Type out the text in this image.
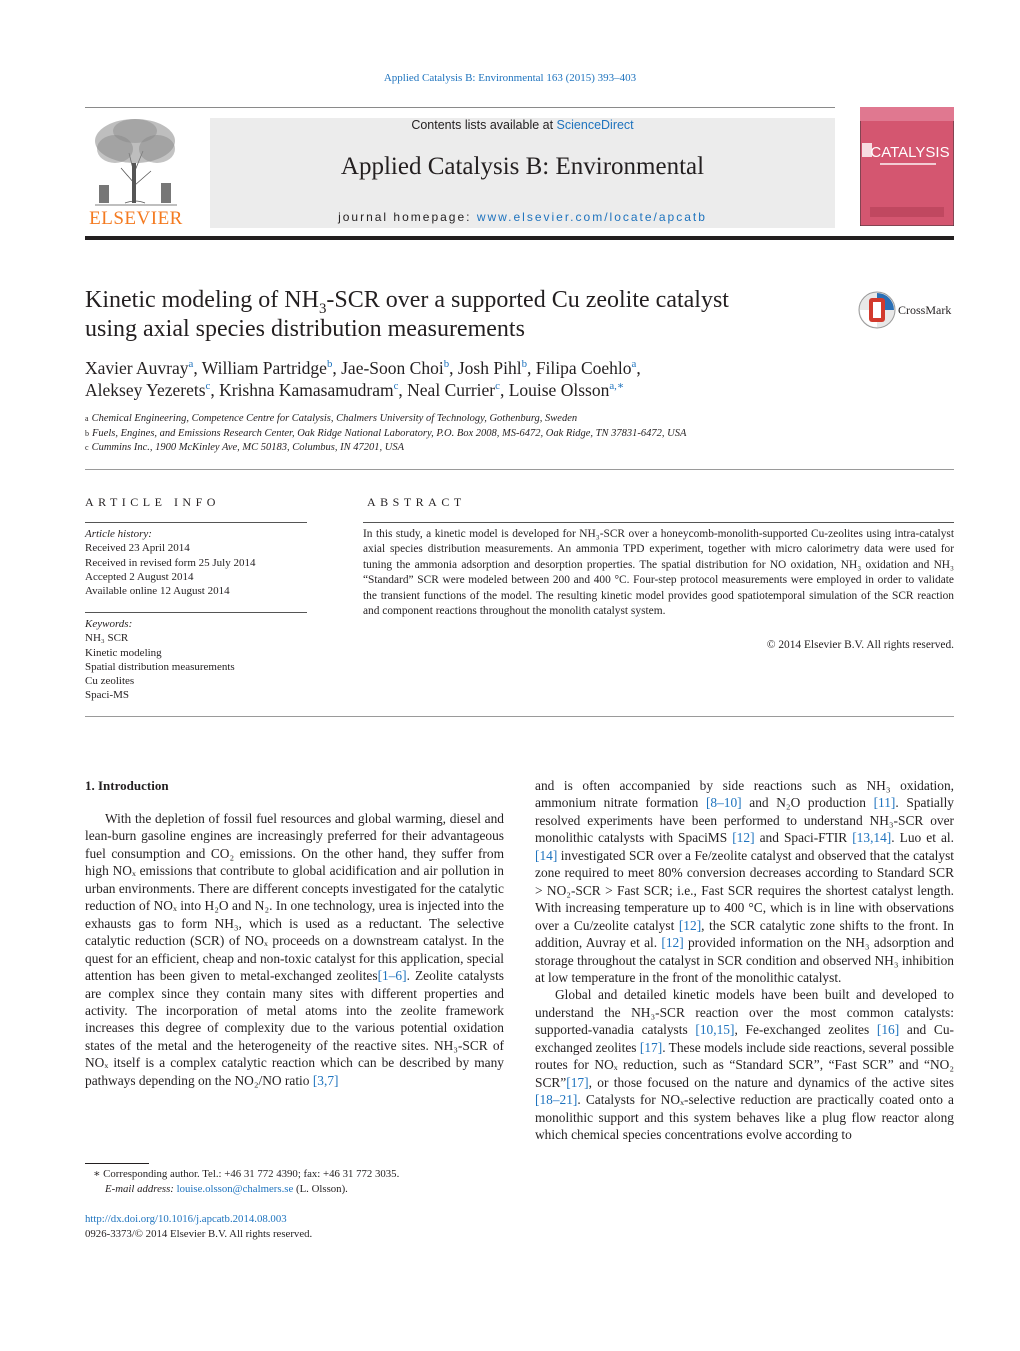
Applied Catalysis B: Environmental 163 (2015) 393–403
ELSEVIER
Contents lists available at ScienceDirect
Applied Catalysis B: Environmental
journal homepage: www.elsevier.com/locate/apcatb
CATALYSIS
Kinetic modeling of $NH_3$-SCR over a supported Cu zeolite catalyst
using axial species distribution measurements
CrossMark
Xavier Auvray$^a$, William Partridge$^b$, Jae-Soon Choi$^b$, Josh Pihl$^b$, Filipa Coehlo$^a$,
Aleksey Yezerets$^c$, Krishna Kamasamudram$^c$, Neal Currier$^c$, Louise Olsson$^{a,∗}$
$^a$ Chemical Engineering, Competence Centre for Catalysis, Chalmers University of Technology, Gothenburg, Sweden
$^b$ Fuels, Engines, and Emissions Research Center, Oak Ridge National Laboratory, P.O. Box 2008, MS-6472, Oak Ridge, TN 37831-6472, USA
$^c$ Cummins Inc., 1900 McKinley Ave, MC 50183, Columbus, IN 47201, USA
ARTICLE INFO	ABSTRACT
Article history:
Received 23 April 2014
Received in revised form 25 July 2014
Accepted 2 August 2014
Available online 12 August 2014
Keywords:
NH₃ SCR
Kinetic modeling
Spatial distribution measurements
Cu zeolites
Spaci-MS
In this study, a kinetic model is developed for NH₃-SCR over a honeycomb-monolith-supported Cu-zeolites using intra-catalyst axial species distribution measurements. An ammonia TPD experiment, together with micro calorimetry data were used for tuning the ammonia adsorption and desorption properties. The spatial distribution for NO oxidation, NH₃ oxidation and NH₃ “Standard” SCR were modeled between 200 and 400 °C. Four-step protocol measurements were employed in order to validate the transient functions of the model. The resulting kinetic model provides good spatiotemporal simulation of the SCR reaction and component reactions throughout the monolith catalyst system.
© 2014 Elsevier B.V. All rights reserved.
1. Introduction

With the depletion of fossil fuel resources and global warming, diesel and lean-burn gasoline engines are increasingly preferred for their advantageous fuel consumption and CO₂ emissions. On the other hand, they suffer from high NOₓ emissions that contribute to global acidification and air pollution in urban environments. There are different concepts investigated for the catalytic reduction of NOₓ into H₂O and N₂. In one technology, urea is injected into the exhausts gas to form NH₃, which is used as a reductant. The selective catalytic reduction (SCR) of NOₓ proceeds on a downstream catalyst. In the quest for an efficient, cheap and non-toxic catalyst for this application, special attention has been given to metal-exchanged zeolites[1–6]. Zeolite catalysts are complex since they contain many sites with different properties and activity. The incorporation of metal atoms into the zeolite framework increases this degree of complexity due to the various potential oxidation states of the metal and the heterogeneity of the reactive sites. NH₃-SCR of NOₓ itself is a complex catalytic reaction which can be described by many pathways depending on the NO₂/NO ratio [3,7]

and is often accompanied by side reactions such as NH₃ oxidation, ammonium nitrate formation [8–10] and N₂O production [11]. Spatially resolved experiments have been performed to understand NH₃-SCR over monolithic catalysts with SpaciMS [12] and Spaci-FTIR [13,14]. Luo et al. [14] investigated SCR over a Fe/zeolite catalyst and observed that the catalyst zone required to meet 80% conversion decreases according to Standard SCR > NO₂-SCR > Fast SCR; i.e., Fast SCR requires the shortest catalyst length. With increasing temperature up to 400 °C, which is in line with observations over a Cu/zeolite catalyst [12], the SCR catalytic zone shifts to the front. In addition, Auvray et al. [12] provided information on the NH₃ adsorption and storage throughout the catalyst in SCR condition and observed NH₃ inhibition at low temperature in the front of the monolithic catalyst.

Global and detailed kinetic models have been built and developed to understand the NH₃-SCR reaction over the most common catalysts: supported-vanadia catalysts [10,15], Fe-exchanged zeolites [16] and Cu-exchanged zeolites [17]. These models include side reactions, several possible routes for NOₓ reduction, such as “Standard SCR”, “Fast SCR” and “NO₂ SCR”[17], or those focused on the nature and dynamics of the active sites [18–21]. Catalysts for NOₓ-selective reduction are practically coated onto a monolithic support and this system behaves like a plug flow reactor along which chemical species concentrations evolve according to

∗ Corresponding author. Tel.: +46 31 772 4390; fax: +46 31 772 3035.
E-mail address: louise.olsson@chalmers.se (L. Olsson).
http://dx.doi.org/10.1016/j.apcatb.2014.08.003
0926-3373/© 2014 Elsevier B.V. All rights reserved.
